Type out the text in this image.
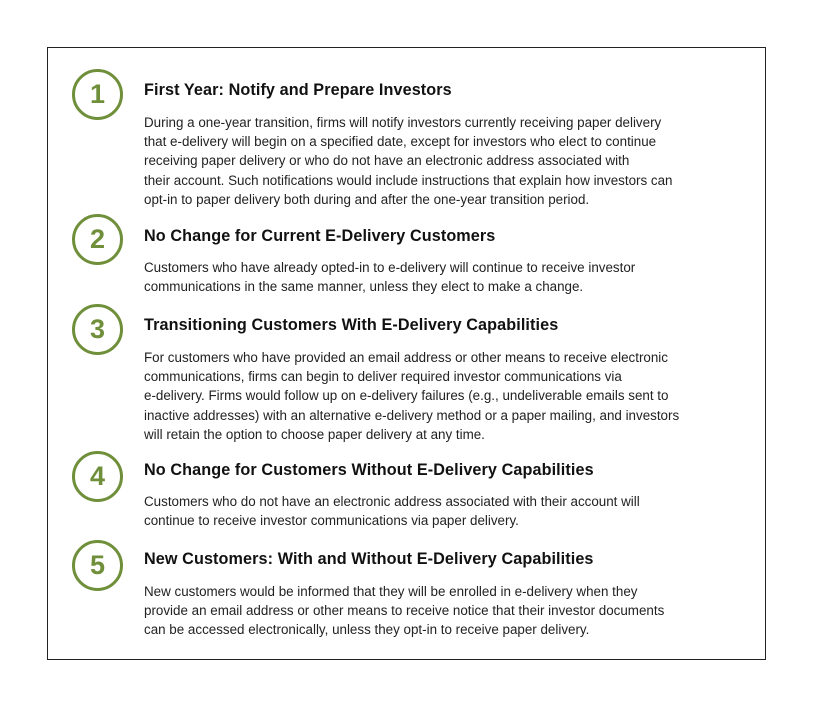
1	First Year: Notify and Prepare Investors
During a one-year transition, firms will notify investors currently receiving paper delivery
that e-delivery will begin on a specified date, except for investors who elect to continue
receiving paper delivery or who do not have an electronic address associated with
their account. Such notifications would include instructions that explain how investors can
opt-in to paper delivery both during and after the one-year transition period.
2	No Change for Current E-Delivery Customers
Customers who have already opted-in to e-delivery will continue to receive investor
communications in the same manner, unless they elect to make a change.
3	Transitioning Customers With E-Delivery Capabilities
For customers who have provided an email address or other means to receive electronic
communications, firms can begin to deliver required investor communications via
e-delivery. Firms would follow up on e-delivery failures (e.g., undeliverable emails sent to
inactive addresses) with an alternative e-delivery method or a paper mailing, and investors
will retain the option to choose paper delivery at any time.
4	No Change for Customers Without E-Delivery Capabilities
Customers who do not have an electronic address associated with their account will
continue to receive investor communications via paper delivery.
5	New Customers: With and Without E-Delivery Capabilities
New customers would be informed that they will be enrolled in e-delivery when they
provide an email address or other means to receive notice that their investor documents
can be accessed electronically, unless they opt-in to receive paper delivery.
